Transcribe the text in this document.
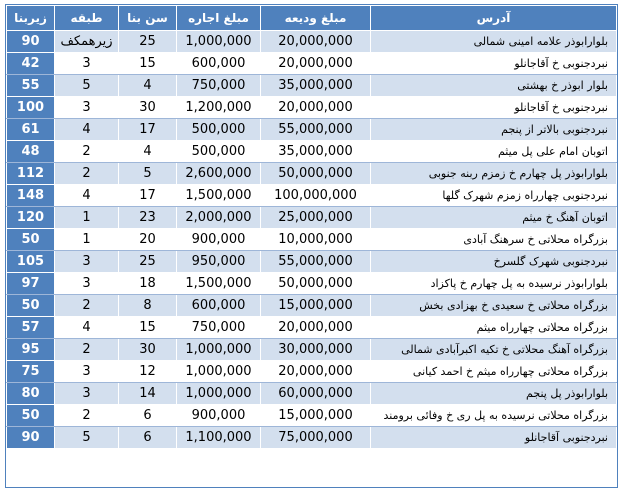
زیربنا	طبقه	سن بنا	مبلغ اجاره	مبلغ ودیعه	آدرس
90	زیرهمکف	25	1,000,000	20,000,000	بلوارابوذر علامه امینی شمالی
42	3	15	600,000	20,000,000	نبردجنوبی خ آقاجانلو
55	5	4	750,000	35,000,000	بلوار ابوذر خ بهشتی
100	3	30	1,200,000	20,000,000	نبردجنوبی خ آقاجانلو
61	4	17	500,000	55,000,000	نبردجنوبی بالاتر از پنجم
48	2	4	500,000	35,000,000	اتوبان امام علی پل میثم
112	2	5	2,600,000	50,000,000	بلوارابوذر پل چهارم خ زمزم ربنه جنوبی
148	4	17	1,500,000	100,000,000	نبردجنوبی چهارراه زمزم شهرک گلها
120	1	23	2,000,000	25,000,000	اتوبان آهنگ خ میثم
50	1	20	900,000	10,000,000	بزرگراه محلاتی خ سرهنگ آبادی
105	3	25	950,000	55,000,000	نبردجنوبی شهرک گلسرخ
97	3	18	1,500,000	50,000,000	بلوارابوذر نرسیده به پل چهارم خ پاکزاد
50	2	8	600,000	15,000,000	بزرگراه محلاتی خ سعیدی خ بهزادی بخش
57	4	15	750,000	20,000,000	بزرگراه محلاتی چهارراه میثم
95	2	30	1,000,000	30,000,000	بزرگراه آهنگ محلاتی خ تکیه اکبرآبادی شمالی
75	3	12	1,000,000	20,000,000	بزرگراه محلاتی چهارراه میثم خ احمد کیانی
80	3	14	1,000,000	60,000,000	بلوارابوذر پل پنجم
50	2	6	900,000	15,000,000	بزرگراه محلاتی نرسیده به پل ری خ وفائی برومند
90	5	6	1,100,000	75,000,000	نبردجنوبی آقاجانلو
